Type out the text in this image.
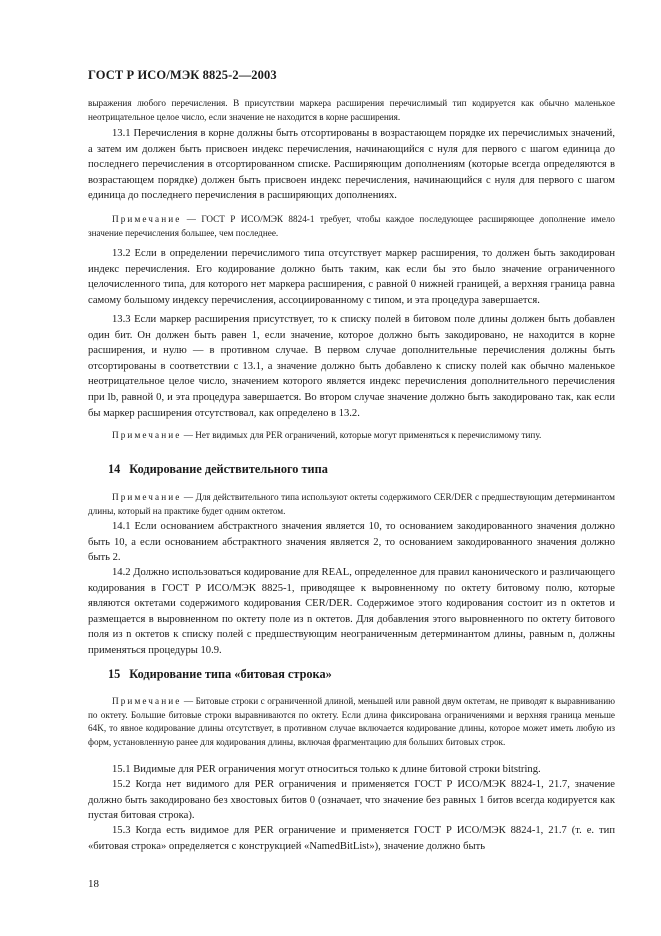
ГОСТ Р ИСО/МЭК 8825-2—2003

выражения любого перечисления. В присутствии маркера расширения перечислимый тип кодируется как обычно маленькое неотрицательное целое число, если значение не находится в корне расширения.

13.1 Перечисления в корне должны быть отсортированы в возрастающем порядке их перечислимых значений, а затем им должен быть присвоен индекс перечисления, начинающийся с нуля для первого с шагом единица до последнего перечисления в отсортированном списке. Расширяющим дополнениям (которые всегда определяются в возрастающем порядке) должен быть присвоен индекс перечисления, начинающийся с нуля для первого с шагом единица до последнего перечисления в расширяющих дополнениях.

Примечание — ГОСТ Р ИСО/МЭК 8824-1 требует, чтобы каждое последующее расширяющее дополнение имело значение перечисления большее, чем последнее.

13.2 Если в определении перечислимого типа отсутствует маркер расширения, то должен быть закодирован индекс перечисления. Его кодирование должно быть таким, как если бы это было значение ограниченного целочисленного типа, для которого нет маркера расширения, с равной 0 нижней границей, а верхняя граница равна самому большому индексу перечисления, ассоциированному с типом, и эта процедура завершается.

13.3 Если маркер расширения присутствует, то к списку полей в битовом поле длины должен быть добавлен один бит. Он должен быть равен 1, если значение, которое должно быть закодировано, не находится в корне расширения, и нулю — в противном случае. В первом случае дополнительные перечисления должны быть отсортированы в соответствии с 13.1, а значение должно быть добавлено к списку полей как обычно маленькое неотрицательное целое число, значением которого является индекс перечисления дополнительного перечисления при lb, равной 0, и эта процедура завершается. Во втором случае значение должно быть закодировано так, как если бы маркер расширения отсутствовал, как определено в 13.2.

Примечание — Нет видимых для PER ограничений, которые могут применяться к перечислимому типу.

14 Кодирование действительного типа

Примечание — Для действительного типа используют октеты содержимого CER/DER с предшествующим детерминантом длины, который на практике будет одним октетом.

14.1 Если основанием абстрактного значения является 10, то основанием закодированного значения должно быть 10, а если основанием абстрактного значения является 2, то основанием закодированного значения должно быть 2.

14.2 Должно использоваться кодирование для REAL, определенное для правил канонического и различающего кодирования в ГОСТ Р ИСО/МЭК 8825-1, приводящее к выровненному по октету битовому полю, которые являются октетами содержимого кодирования CER/DER. Содержимое этого кодирования состоит из n октетов и размещается в выровненном по октету поле из n октетов. Для добавления этого выровненного по октету битового поля из n октетов к списку полей с предшествующим неограниченным детерминантом длины, равным n, должны применяться процедуры 10.9.

15 Кодирование типа «битовая строка»

Примечание — Битовые строки с ограниченной длиной, меньшей или равной двум октетам, не приводят к выравниванию по октету. Большие битовые строки выравниваются по октету. Если длина фиксирована ограничениями и верхняя граница меньше 64K, то явное кодирование длины отсутствует, в противном случае включается кодирование длины, которое может иметь любую из форм, установленную ранее для кодирования длины, включая фрагментацию для больших битовых строк.

15.1 Видимые для PER ограничения могут относиться только к длине битовой строки bitstring.

15.2 Когда нет видимого для PER ограничения и применяется ГОСТ Р ИСО/МЭК 8824-1, 21.7, значение должно быть закодировано без хвостовых битов 0 (означает, что значение без равных 1 битов всегда кодируется как пустая битовая строка).

15.3 Когда есть видимое для PER ограничение и применяется ГОСТ Р ИСО/МЭК 8824-1, 21.7 (т. е. тип «битовая строка» определяется с конструкцией «NamedBitList»), значение должно быть

18
